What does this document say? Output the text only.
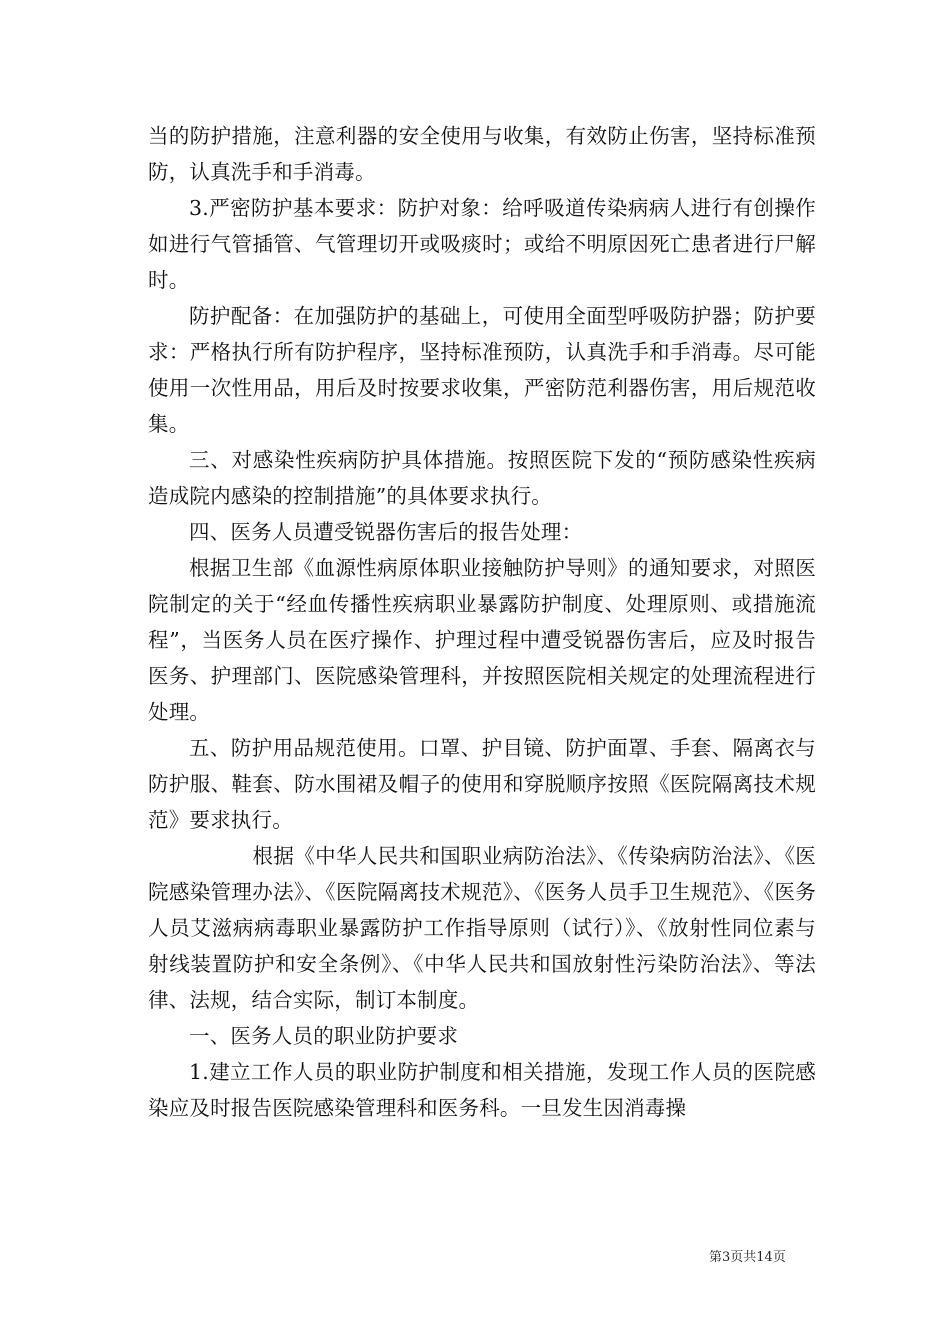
当的防护措施，注意利器的安全使用与收集，有效防止伤害，坚持标准预防，认真洗手和手消毒。

3.严密防护基本要求：防护对象：给呼吸道传染病病人进行有创操作如进行气管插管、气管理切开或吸痰时；或给不明原因死亡患者进行尸解时。

防护配备：在加强防护的基础上，可使用全面型呼吸防护器；防护要求：严格执行所有防护程序，坚持标准预防，认真洗手和手消毒。尽可能使用一次性用品，用后及时按要求收集，严密防范利器伤害，用后规范收集。

三、对感染性疾病防护具体措施。按照医院下发的“预防感染性疾病造成院内感染的控制措施”的具体要求执行。

四、医务人员遭受锐器伤害后的报告处理：

根据卫生部《血源性病原体职业接触防护导则》的通知要求，对照医院制定的关于“经血传播性疾病职业暴露防护制度、处理原则、或措施流程”，当医务人员在医疗操作、护理过程中遭受锐器伤害后，应及时报告医务、护理部门、医院感染管理科，并按照医院相关规定的处理流程进行处理。

五、防护用品规范使用。口罩、护目镜、防护面罩、手套、隔离衣与防护服、鞋套、防水围裙及帽子的使用和穿脱顺序按照《医院隔离技术规范》要求执行。

根据《中华人民共和国职业病防治法》、《传染病防治法》、《医院感染管理办法》、《医院隔离技术规范》、《医务人员手卫生规范》、《医务人员艾滋病病毒职业暴露防护工作指导原则（试行）》、《放射性同位素与射线装置防护和安全条例》、《中华人民共和国放射性污染防治法》、等法律、法规，结合实际，制订本制度。

一、医务人员的职业防护要求

1.建立工作人员的职业防护制度和相关措施，发现工作人员的医院感染应及时报告医院感染管理科和医务科。一旦发生因消毒操

第3页共14页
